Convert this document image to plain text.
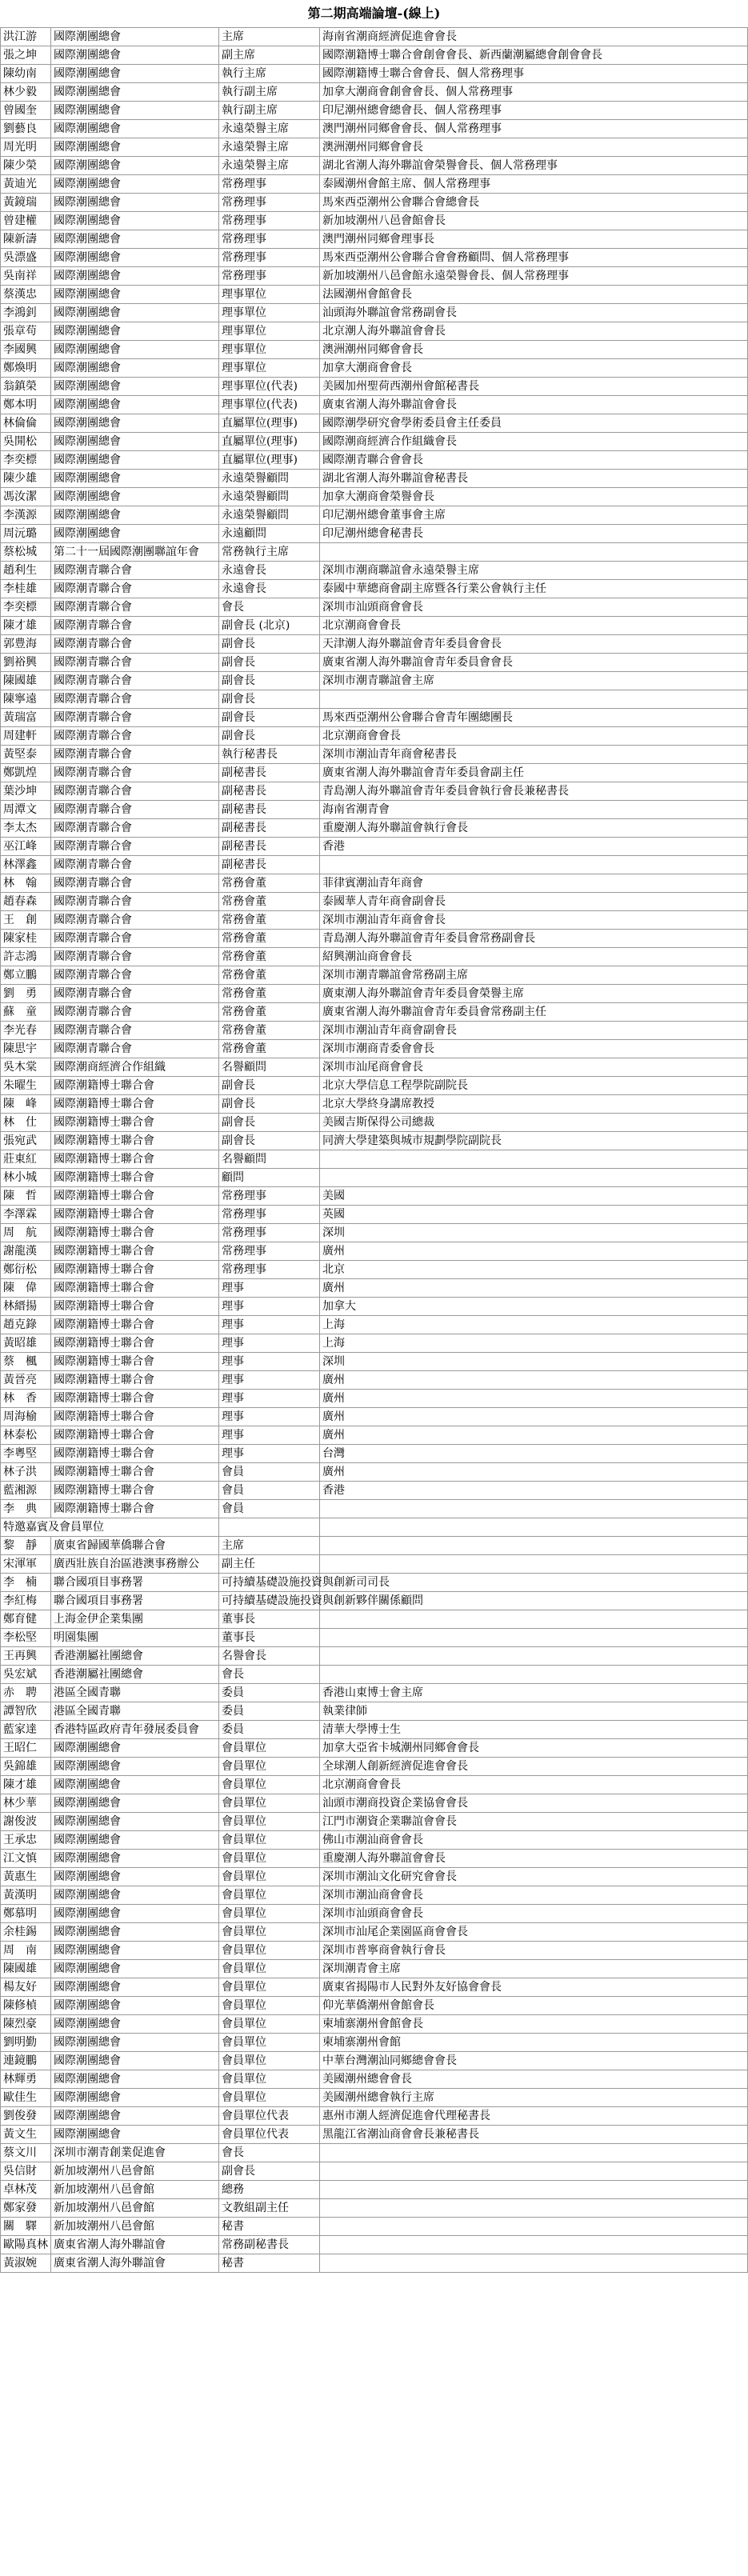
第二期高端論壇-(線上)
洪江游	國際潮團總會	主席	海南省潮商經濟促進會會長
張之坤	國際潮團總會	副主席	國際潮籍博士聯合會創會會長、新西蘭潮屬總會創會會長
陳幼南	國際潮團總會	執行主席	國際潮籍博士聯合會會長、個人常務理事
林少毅	國際潮團總會	執行副主席	加拿大潮商會創會會長、個人常務理事
曾國奎	國際潮團總會	執行副主席	印尼潮州總會總會長、個人常務理事
劉藝良	國際潮團總會	永遠榮譽主席	澳門潮州同鄉會會長、個人常務理事
周光明	國際潮團總會	永遠榮譽主席	澳洲潮州同鄉會會長
陳少榮	國際潮團總會	永遠榮譽主席	湖北省潮人海外聯誼會榮譽會長、個人常務理事
黃迪光	國際潮團總會	常務理事	泰國潮州會館主席、個人常務理事
黃鏡瑞	國際潮團總會	常務理事	馬來西亞潮州公會聯合會總會長
曾建權	國際潮團總會	常務理事	新加坡潮州八邑會館會長
陳新濤	國際潮團總會	常務理事	澳門潮州同鄉會理事長
吳漂盛	國際潮團總會	常務理事	馬來西亞潮州公會聯合會會務顧問、個人常務理事
吳南祥	國際潮團總會	常務理事	新加坡潮州八邑會館永遠榮譽會長、個人常務理事
蔡漢忠	國際潮團總會	理事單位	法國潮州會館會長
李鴻釗	國際潮團總會	理事單位	汕頭海外聯誼會常務副會長
張章苟	國際潮團總會	理事單位	北京潮人海外聯誼會會長
李國興	國際潮團總會	理事單位	澳洲潮州同鄉會會長
鄭煥明	國際潮團總會	理事單位	加拿大潮商會會長
翁鎮榮	國際潮團總會	理事單位(代表)	美國加州聖荷西潮州會館秘書長
鄭本明	國際潮團總會	理事單位(代表)	廣東省潮人海外聯誼會會長
林倫倫	國際潮團總會	直屬單位(理事)	國際潮學研究會學術委員會主任委員
吳開松	國際潮團總會	直屬單位(理事)	國際潮商經濟合作組織會長
李奕標	國際潮團總會	直屬單位(理事)	國際潮青聯合會會長
陳少雄	國際潮團總會	永遠榮譽顧問	湖北省潮人海外聯誼會秘書長
馮汝潔	國際潮團總會	永遠榮譽顧問	加拿大潮商會榮譽會長
李漢源	國際潮團總會	永遠榮譽顧問	印尼潮州總會董事會主席
周沅璐	國際潮團總會	永遠顧問	印尼潮州總會秘書長
蔡松城	第二十一屆國際潮團聯誼年會	常務執行主席	
趙利生	國際潮青聯合會	永遠會長	深圳市潮商聯誼會永遠榮譽主席
李桂雄	國際潮青聯合會	永遠會長	泰國中華總商會副主席暨各行業公會執行主任
李奕標	國際潮青聯合會	會長	深圳市汕頭商會會長
陳才雄	國際潮青聯合會	副會長 (北京)	北京潮商會會長
郭豊海	國際潮青聯合會	副會長	天津潮人海外聯誼會青年委員會會長
劉裕興	國際潮青聯合會	副會長	廣東省潮人海外聯誼會青年委員會會長
陳國雄	國際潮青聯合會	副會長	深圳市潮青聯誼會主席
陳寧遠	國際潮青聯合會	副會長	
黃瑞富	國際潮青聯合會	副會長	馬來西亞潮州公會聯合會青年團總團長
周建軒	國際潮青聯合會	副會長	北京潮商會會長
黃堅泰	國際潮青聯合會	執行秘書長	深圳市潮汕青年商會秘書長
鄭凱煌	國際潮青聯合會	副秘書長	廣東省潮人海外聯誼會青年委員會副主任
葉沙坤	國際潮青聯合會	副秘書長	青島潮人海外聯誼會青年委員會執行會長兼秘書長
周潭文	國際潮青聯合會	副秘書長	海南省潮青會
李太杰	國際潮青聯合會	副秘書長	重慶潮人海外聯誼會執行會長
巫江峰	國際潮青聯合會	副秘書長	香港
林澤鑫	國際潮青聯合會	副秘書長	
林　翰	國際潮青聯合會	常務會董	菲律賓潮汕青年商會
趙春森	國際潮青聯合會	常務會董	泰國華人青年商會副會長
王　創	國際潮青聯合會	常務會董	深圳市潮汕青年商會會長
陳家桂	國際潮青聯合會	常務會董	青島潮人海外聯誼會青年委員會常務副會長
許志鴻	國際潮青聯合會	常務會董	紹興潮汕商會會長
鄭立鵬	國際潮青聯合會	常務會董	深圳市潮青聯誼會常務副主席
劉　勇	國際潮青聯合會	常務會董	廣東潮人海外聯誼會青年委員會榮譽主席
蘇　童	國際潮青聯合會	常務會董	廣東省潮人海外聯誼會青年委員會常務副主任
李光春	國際潮青聯合會	常務會董	深圳市潮汕青年商會副會長
陳思宇	國際潮青聯合會	常務會董	深圳市潮商青委會會長
吳木棠	國際潮商經濟合作組織	名譽顧問	深圳市汕尾商會會長
朱曜生	國際潮籍博士聯合會	副會長	北京大學信息工程學院副院長
陳　峰	國際潮籍博士聯合會	副會長	北京大學終身講席教授
林　仕	國際潮籍博士聯合會	副會長	美國吉斯保得公司總裁
張宛武	國際潮籍博士聯合會	副會長	同濟大學建築與城市規劃學院副院長
莊東紅	國際潮籍博士聯合會	名譽顧問	
林小城	國際潮籍博士聯合會	顧問	
陳　哲	國際潮籍博士聯合會	常務理事	美國
李澤霖	國際潮籍博士聯合會	常務理事	英國
周　航	國際潮籍博士聯合會	常務理事	深圳
謝龍漢	國際潮籍博士聯合會	常務理事	廣州
鄭衍松	國際潮籍博士聯合會	常務理事	北京
陳　偉	國際潮籍博士聯合會	理事	廣州
林縉揚	國際潮籍博士聯合會	理事	加拿大
趙克錄	國際潮籍博士聯合會	理事	上海
黃昭雄	國際潮籍博士聯合會	理事	上海
蔡　楓	國際潮籍博士聯合會	理事	深圳
黃晉亮	國際潮籍博士聯合會	理事	廣州
林　香	國際潮籍博士聯合會	理事	廣州
周海榆	國際潮籍博士聯合會	理事	廣州
林泰松	國際潮籍博士聯合會	理事	廣州
李粵堅	國際潮籍博士聯合會	理事	台灣
林子洪	國際潮籍博士聯合會	會員	廣州
藍湘源	國際潮籍博士聯合會	會員	香港
李　典	國際潮籍博士聯合會	會員	
特邀嘉賓及會員單位			
黎　靜	廣東省歸國華僑聯合會	主席	
宋渾軍	廣西壯族自治區港澳事務辦公	副主任	
李　楠	聯合國項目事務署	可持續基礎設施投資與創新司司長	
李紅梅	聯合國項目事務署	可持續基礎設施投資與創新夥伴關係顧問	
鄭育健	上海金伊企業集團	董事長	
李松堅	明園集團	董事長	
王再興	香港潮屬社團總會	名譽會長	
吳宏斌	香港潮屬社團總會	會長	
赤　聘	港區全國青聯	委員	香港山東博士會主席
譚智欣	港區全國青聯	委員	執業律師
藍家達	香港特區政府青年發展委員會	委員	清華大學博士生
王昭仁	國際潮團總會	會員單位	加拿大亞省卡城潮州同鄉會會長
吳錦雄	國際潮團總會	會員單位	全球潮人創新經濟促進會會長
陳才雄	國際潮團總會	會員單位	北京潮商會會長
林少華	國際潮團總會	會員單位	汕頭市潮商投資企業協會會長
謝俊波	國際潮團總會	會員單位	江門市潮資企業聯誼會會長
王承忠	國際潮團總會	會員單位	佛山市潮汕商會會長
江文慎	國際潮團總會	會員單位	重慶潮人海外聯誼會會長
黃惠生	國際潮團總會	會員單位	深圳市潮汕文化研究會會長
黃漢明	國際潮團總會	會員單位	深圳市潮汕商會會長
鄭慕明	國際潮團總會	會員單位	深圳市汕頭商會會長
余桂錫	國際潮團總會	會員單位	深圳市汕尾企業園區商會會長
周　南	國際潮團總會	會員單位	深圳市普寧商會執行會長
陳國雄	國際潮團總會	會員單位	深圳潮青會主席
楊友好	國際潮團總會	會員單位	廣東省揭陽市人民對外友好協會會長
陳修楨	國際潮團總會	會員單位	仰光華僑潮州會館會長
陳烈豪	國際潮團總會	會員單位	柬埔寨潮州會館會長
劉明勤	國際潮團總會	會員單位	柬埔寨潮州會館
連鏡鵬	國際潮團總會	會員單位	中華台灣潮汕同鄉總會會長
林輝勇	國際潮團總會	會員單位	美國潮州總會會長
歐佳生	國際潮團總會	會員單位	美國潮州總會執行主席
劉俊發	國際潮團總會	會員單位代表	惠州市潮人經濟促進會代理秘書長
黃文生	國際潮團總會	會員單位代表	黑龍江省潮汕商會會長兼秘書長
蔡文川	深圳市潮青創業促進會	會長	
吳信財	新加坡潮州八邑會館	副會長	
卓林茂	新加坡潮州八邑會館	總務	
鄭家發	新加坡潮州八邑會館	文教組副主任	
關　驛	新加坡潮州八邑會館	秘書	
歐陽真林	廣東省潮人海外聯誼會	常務副秘書長	
黃淑婉	廣東省潮人海外聯誼會	秘書	
